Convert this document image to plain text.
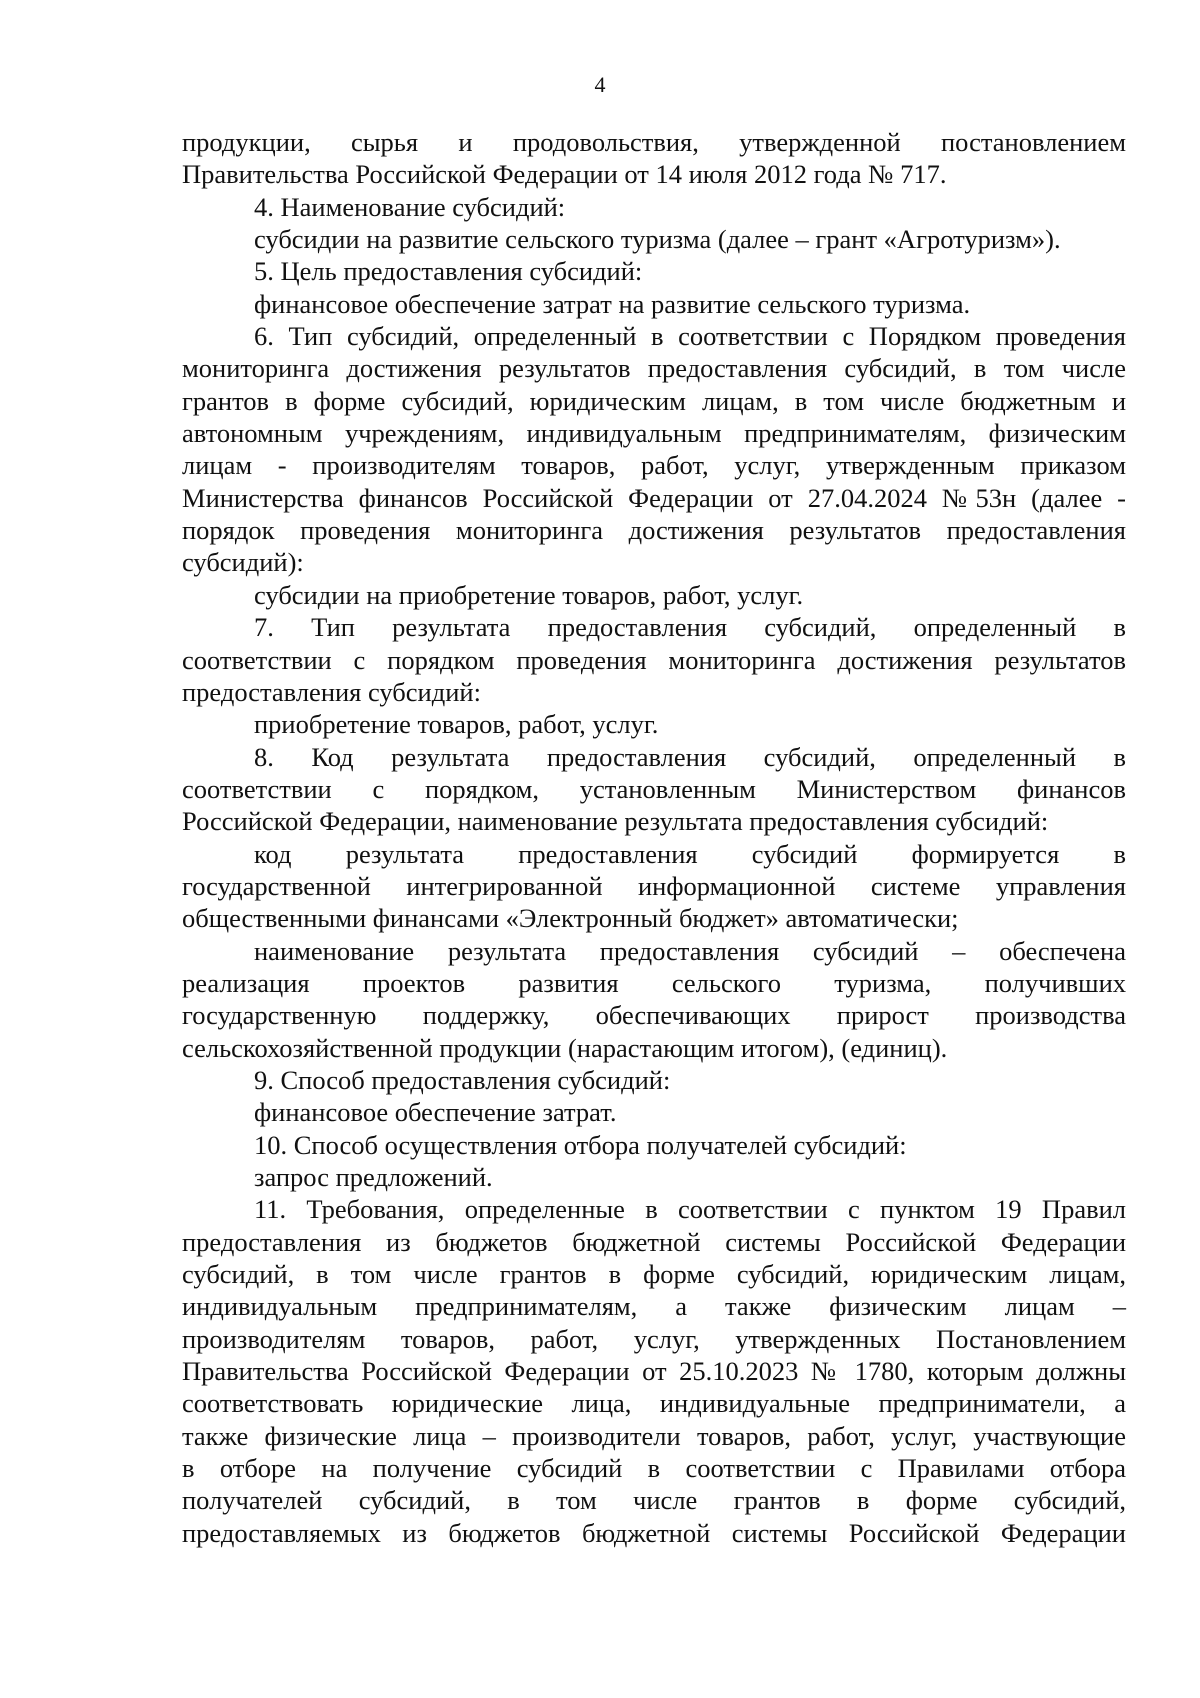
4
продукции, сырья и продовольствия, утвержденной постановлением
Правительства Российской Федерации от 14 июля 2012 года № 717.
4. Наименование субсидий:
субсидии на развитие сельского туризма (далее – грант «Агротуризм»).
5. Цель предоставления субсидий:
финансовое обеспечение затрат на развитие сельского туризма.
6. Тип субсидий, определенный в соответствии с Порядком проведения
мониторинга достижения результатов предоставления субсидий, в том числе
грантов в форме субсидий, юридическим лицам, в том числе бюджетным и
автономным учреждениям, индивидуальным предпринимателям, физическим
лицам - производителям товаров, работ, услуг, утвержденным приказом
Министерства финансов Российской Федерации от 27.04.2024 №53н (далее -
порядок проведения мониторинга достижения результатов предоставления
субсидий):
субсидии на приобретение товаров, работ, услуг.
7. Тип результата предоставления субсидий, определенный в
соответствии с порядком проведения мониторинга достижения результатов
предоставления субсидий:
приобретение товаров, работ, услуг.
8. Код результата предоставления субсидий, определенный в
соответствии с порядком, установленным Министерством финансов
Российской Федерации, наименование результата предоставления субсидий:
код результата предоставления субсидий формируется в
государственной интегрированной информационной системе управления
общественными финансами «Электронный бюджет» автоматически;
наименование результата предоставления субсидий – обеспечена
реализация проектов развития сельского туризма, получивших
государственную поддержку, обеспечивающих прирост производства
сельскохозяйственной продукции (нарастающим итогом), (единиц).
9. Способ предоставления субсидий:
финансовое обеспечение затрат.
10. Способ осуществления отбора получателей субсидий:
запрос предложений.
11. Требования, определенные в соответствии с пунктом 19 Правил
предоставления из бюджетов бюджетной системы Российской Федерации
субсидий, в том числе грантов в форме субсидий, юридическим лицам,
индивидуальным предпринимателям, а также физическим лицам –
производителям товаров, работ, услуг, утвержденных Постановлением
Правительства Российской Федерации от 25.10.2023 № 1780, которым должны
соответствовать юридические лица, индивидуальные предприниматели, а
также физические лица – производители товаров, работ, услуг, участвующие
в отборе на получение субсидий в соответствии с Правилами отбора
получателей субсидий, в том числе грантов в форме субсидий,
предоставляемых из бюджетов бюджетной системы Российской Федерации
